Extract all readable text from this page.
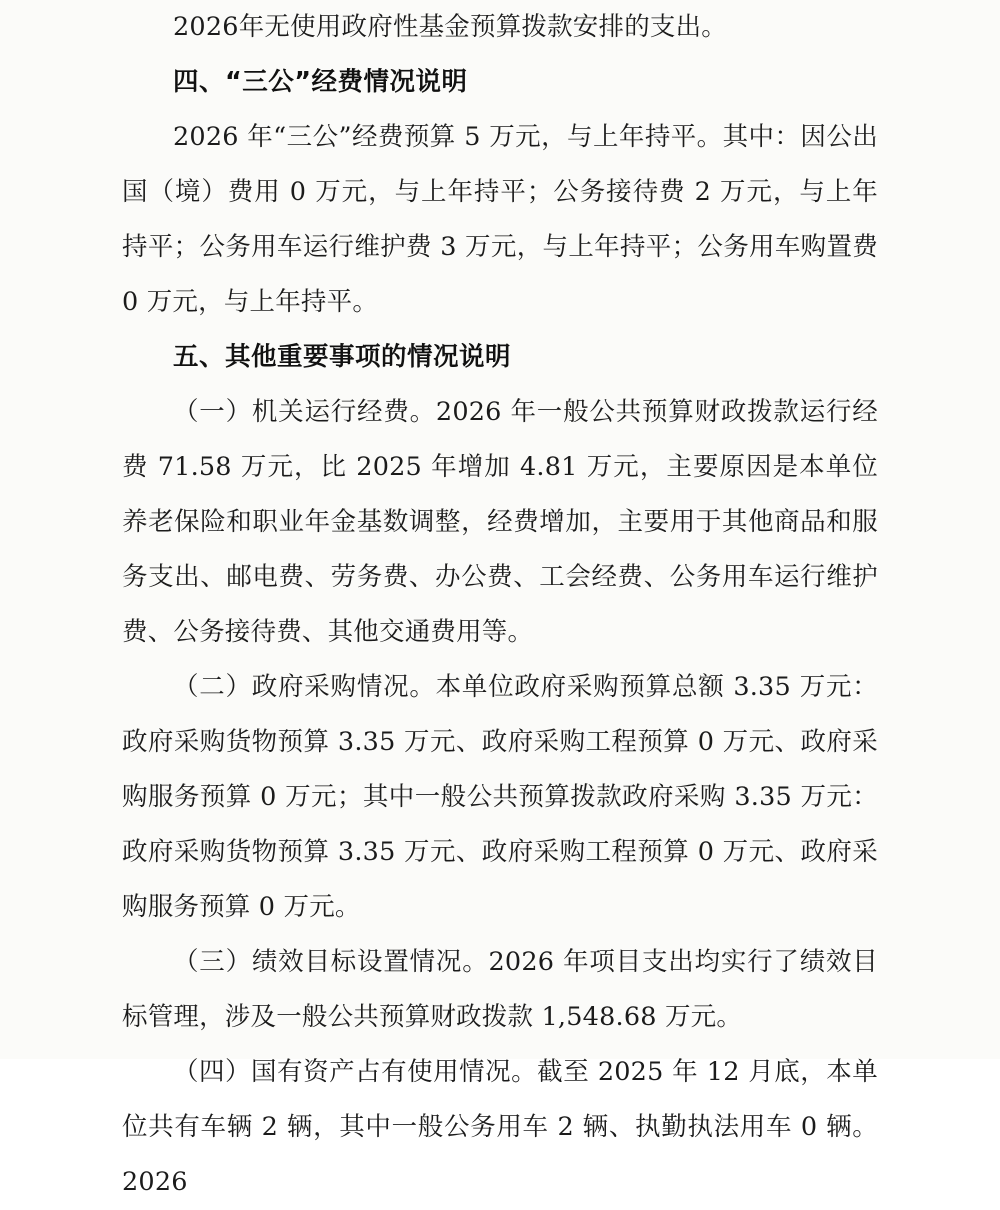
2026年无使用政府性基金预算拨款安排的支出。

四、“三公”经费情况说明

2026 年“三公”经费预算 5 万元，与上年持平。其中：因公出国（境）费用 0 万元，与上年持平；公务接待费 2 万元，与上年持平；公务用车运行维护费 3 万元，与上年持平；公务用车购置费 0 万元，与上年持平。

五、其他重要事项的情况说明

（一）机关运行经费。2026 年一般公共预算财政拨款运行经费 71.58 万元，比 2025 年增加 4.81 万元，主要原因是本单位养老保险和职业年金基数调整，经费增加，主要用于其他商品和服务支出、邮电费、劳务费、办公费、工会经费、公务用车运行维护费、公务接待费、其他交通费用等。

（二）政府采购情况。本单位政府采购预算总额 3.35 万元：政府采购货物预算 3.35 万元、政府采购工程预算 0 万元、政府采购服务预算 0 万元；其中一般公共预算拨款政府采购 3.35 万元：政府采购货物预算 3.35 万元、政府采购工程预算 0 万元、政府采购服务预算 0 万元。

（三）绩效目标设置情况。2026 年项目支出均实行了绩效目标管理，涉及一般公共预算财政拨款 1,548.68 万元。

（四）国有资产占有使用情况。截至 2025 年 12 月底，本单位共有车辆 2 辆，其中一般公务用车 2 辆、执勤执法用车 0 辆。2026
